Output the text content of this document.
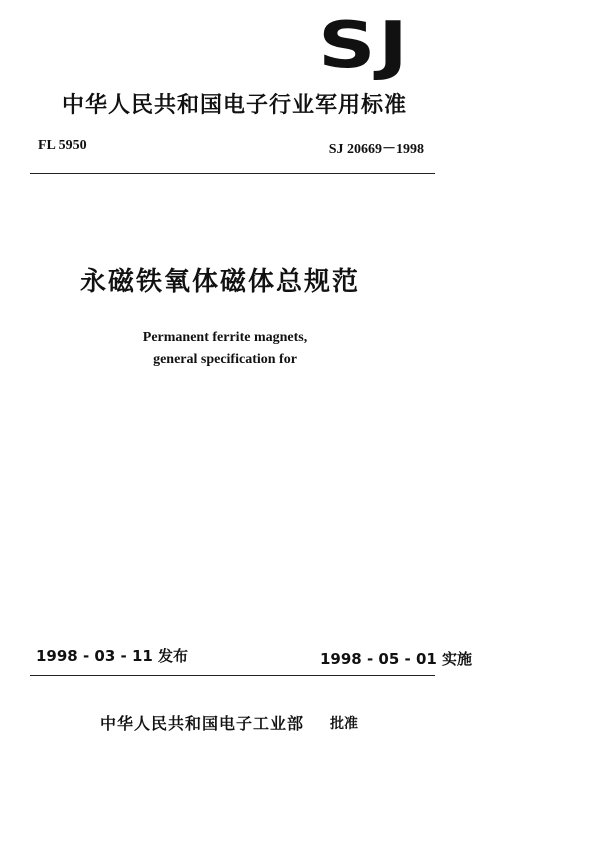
SJ
中华人民共和国电子行业军用标准
FL 5950	SJ 20669－1998
永磁铁氧体磁体总规范
Permanent ferrite magnets,
general specification for
1998 - 03 - 11 发布	1998 - 05 - 01 实施
中华人民共和国电子工业部 批准
